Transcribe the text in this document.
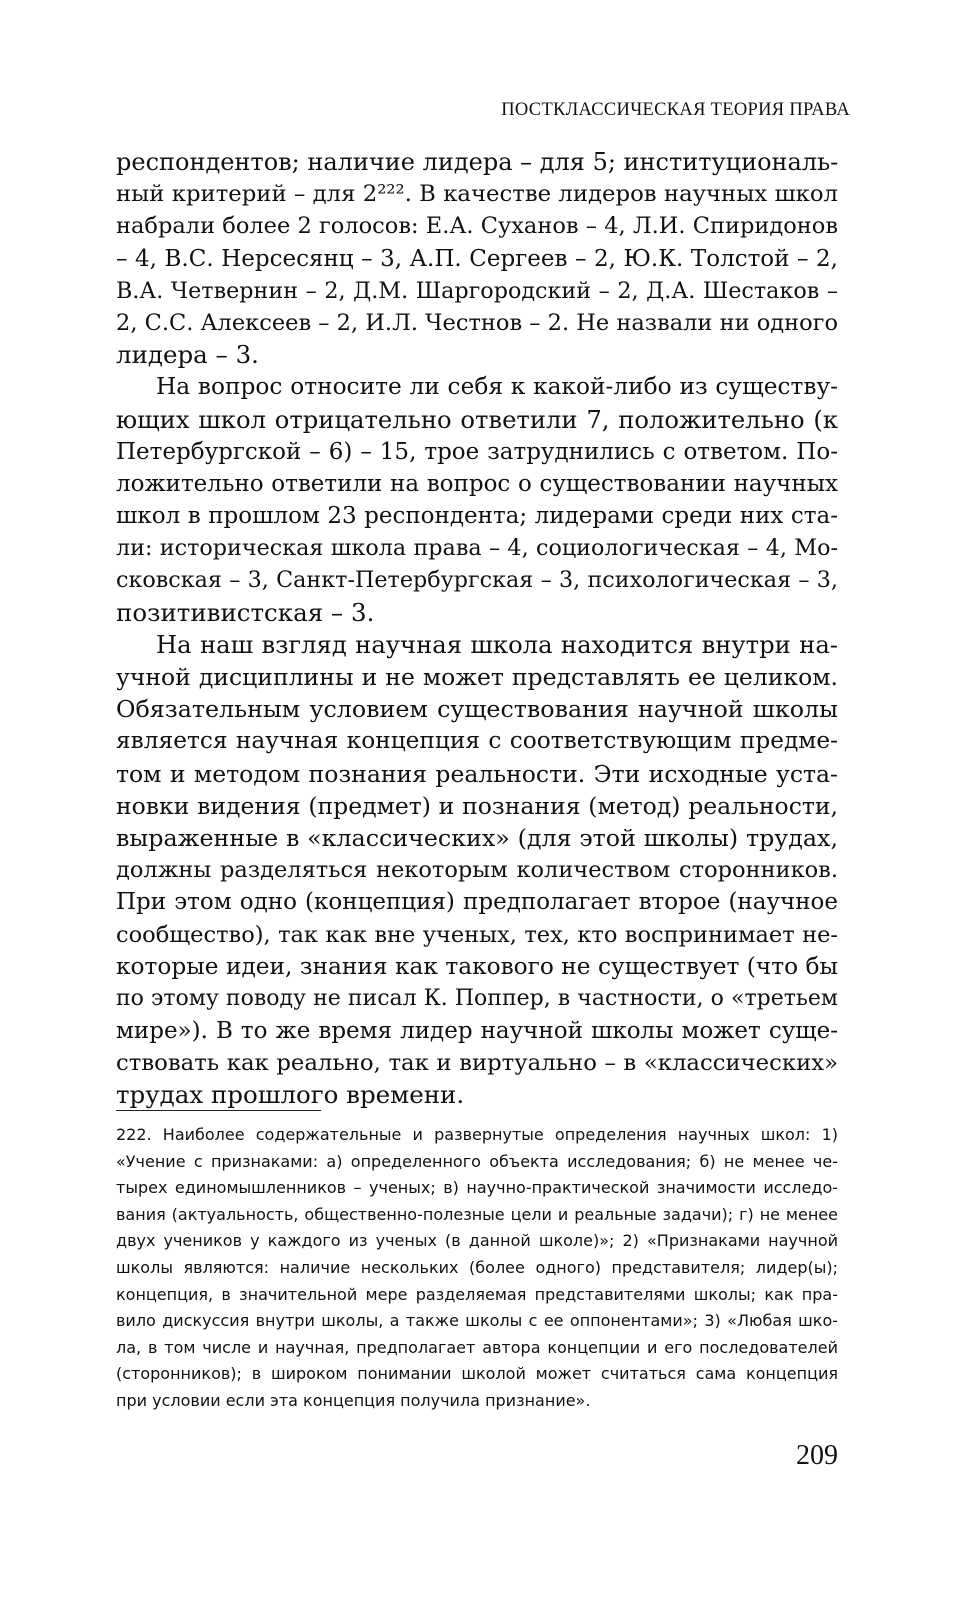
ПОСТКЛАССИЧЕСКАЯ ТЕОРИЯ ПРАВА
респондентов; наличие лидера – для 5; институциональ-
ный критерий – для 2²²². В качестве лидеров научных школ
набрали более 2 голосов: Е.А. Суханов – 4, Л.И. Спиридонов
– 4, В.С. Нерсесянц – 3, А.П. Сергеев – 2, Ю.К. Толстой – 2,
В.А. Четвернин – 2, Д.М. Шаргородский – 2, Д.А. Шестаков –
2, С.С. Алексеев – 2, И.Л. Честнов – 2. Не назвали ни одного
лидера – 3.
На вопрос относите ли себя к какой-либо из существу-
ющих школ отрицательно ответили 7, положительно (к
Петербургской – 6) – 15, трое затруднились с ответом. По-
ложительно ответили на вопрос о существовании научных
школ в прошлом 23 респондента; лидерами среди них ста-
ли: историческая школа права – 4, социологическая – 4, Мо-
сковская – 3, Санкт-Петербургская – 3, психологическая – 3,
позитивистская – 3.
На наш взгляд научная школа находится внутри на-
учной дисциплины и не может представлять ее целиком.
Обязательным условием существования научной школы
является научная концепция с соответствующим предме-
том и методом познания реальности. Эти исходные уста-
новки видения (предмет) и познания (метод) реальности,
выраженные в «классических» (для этой школы) трудах,
должны разделяться некоторым количеством сторонников.
При этом одно (концепция) предполагает второе (научное
сообщество), так как вне ученых, тех, кто воспринимает не-
которые идеи, знания как такового не существует (что бы
по этому поводу не писал К. Поппер, в частности, о «третьем
мире»). В то же время лидер научной школы может суще-
ствовать как реально, так и виртуально – в «классических»
трудах прошлого времени.
222. Наиболее содержательные и развернутые определения научных школ: 1)
«Учение с признаками: а) определенного объекта исследования; б) не менее че-
тырех единомышленников – ученых; в) научно-практической значимости исследо-
вания (актуальность, общественно-полезные цели и реальные задачи); г) не менее
двух учеников у каждого из ученых (в данной школе)»; 2) «Признаками научной
школы являются: наличие нескольких (более одного) представителя; лидер(ы);
концепция, в значительной мере разделяемая представителями школы; как пра-
вило дискуссия внутри школы, а также школы с ее оппонентами»; 3) «Любая шко-
ла, в том числе и научная, предполагает автора концепции и его последователей
(сторонников); в широком понимании школой может считаться сама концепция
при условии если эта концепция получила признание».
209
